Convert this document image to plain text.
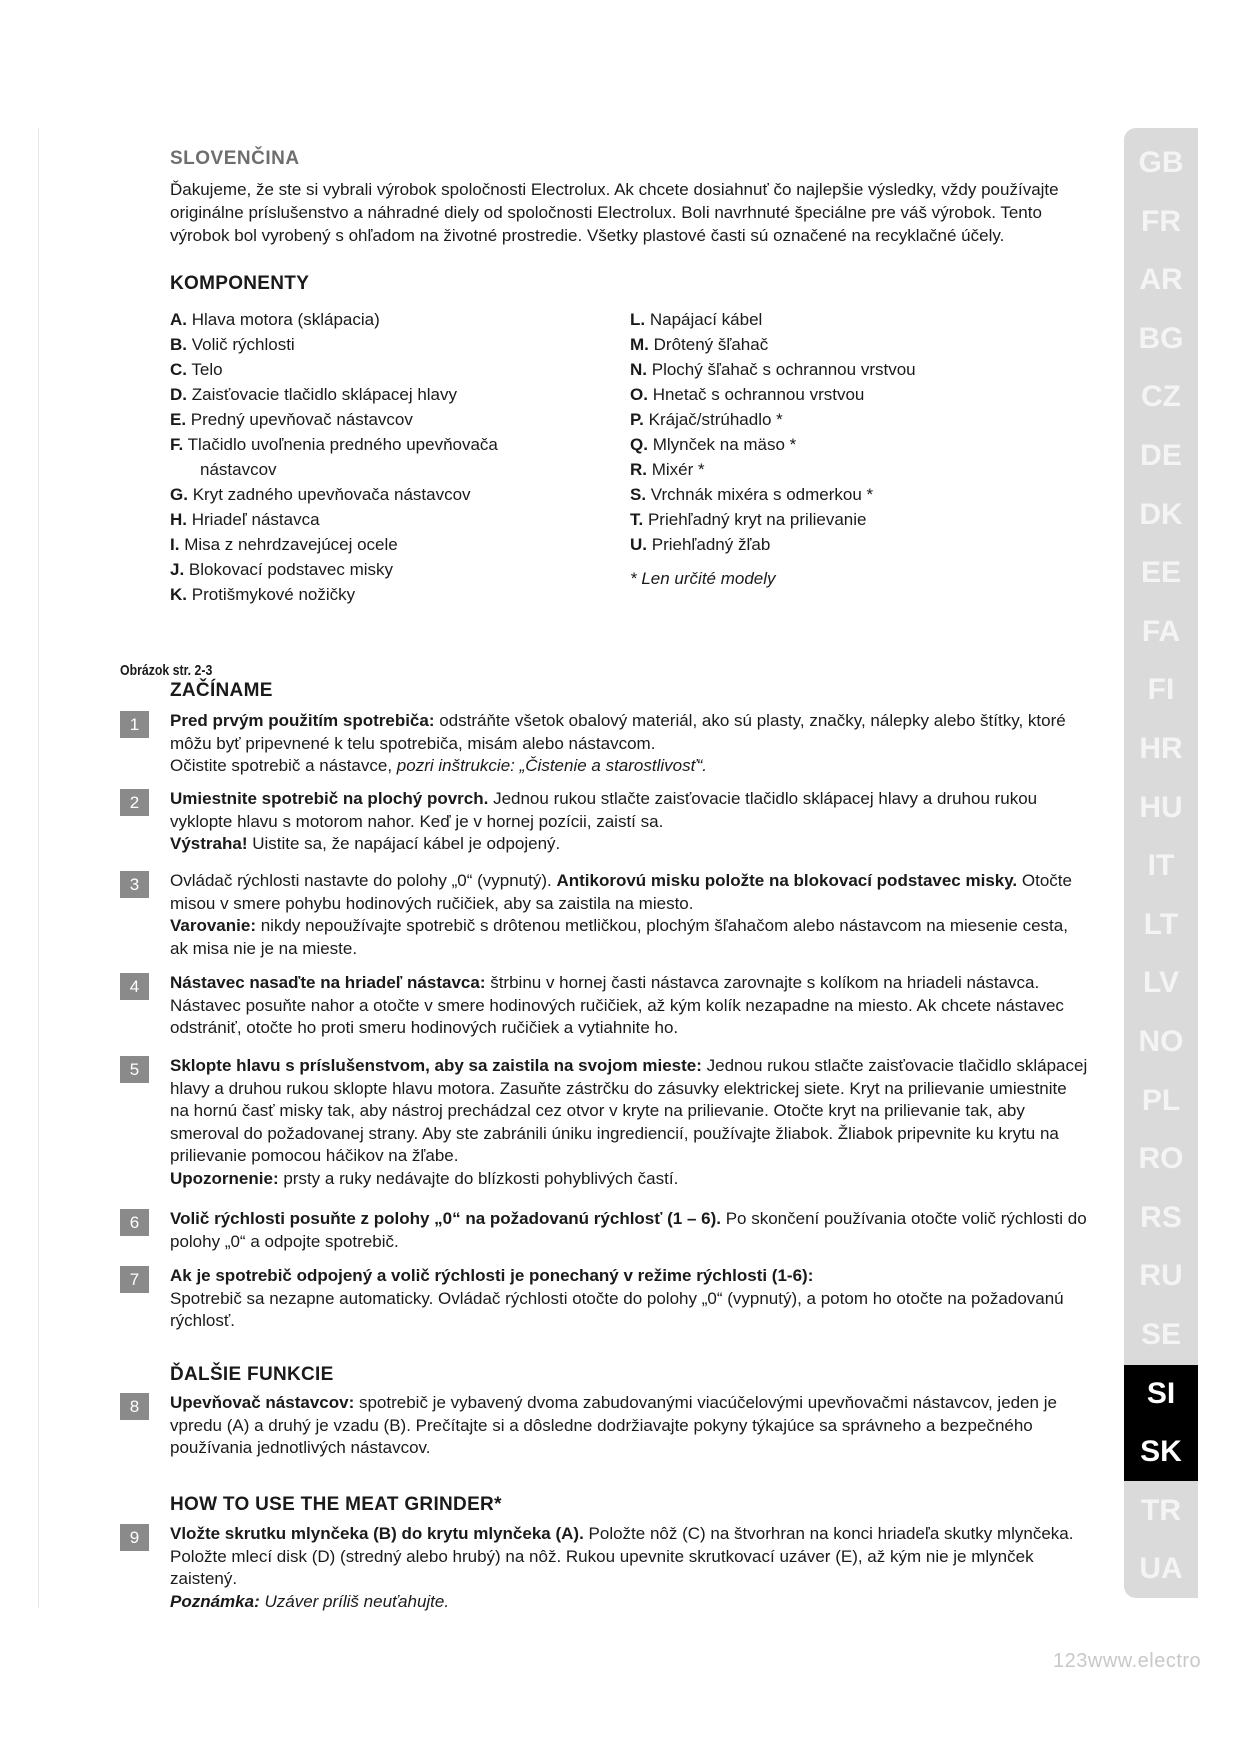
SLOVENČINA

Ďakujeme, že ste si vybrali výrobok spoločnosti Electrolux. Ak chcete dosiahnuť čo najlepšie výsledky, vždy používajte originálne príslušenstvo a náhradné diely od spoločnosti Electrolux. Boli navrhnuté špeciálne pre váš výrobok. Tento výrobok bol vyrobený s ohľadom na životné prostredie. Všetky plastové časti sú označené na recyklačné účely.

KOMPONENTY
A. Hlava motora (sklápacia)
B. Volič rýchlosti
C. Telo
D. Zaisťovacie tlačidlo sklápacej hlavy
E. Predný upevňovač nástavcov
F. Tlačidlo uvoľnenia predného upevňovača
nástavcov
G. Kryt zadného upevňovača nástavcov
H. Hriadeľ nástavca
I. Misa z nehrdzavejúcej ocele
J. Blokovací podstavec misky
K. Protišmykové nožičky
L. Napájací kábel
M. Drôtený šľahač
N. Plochý šľahač s ochrannou vrstvou
O. Hnetač s ochrannou vrstvou
P. Krájač/strúhadlo *
Q. Mlynček na mäso *
R. Mixér *
S. Vrchnák mixéra s odmerkou *
T. Priehľadný kryt na prilievanie
U. Priehľadný žľab
* Len určité modely
Obrázok str. 2-3
ZAČÍNAME
1	Pred prvým použitím spotrebiča: odstráňte všetok obalový materiál, ako sú plasty, značky, nálepky alebo štítky, ktoré môžu byť pripevnené k telu spotrebiča, misám alebo nástavcom.

Očistite spotrebič a nástavce, pozri inštrukcie: „Čistenie a starostlivosť“.

2	Umiestnite spotrebič na plochý povrch. Jednou rukou stlačte zaisťovacie tlačidlo sklápacej hlavy a druhou rukou vyklopte hlavu s motorom nahor. Keď je v hornej pozícii, zaistí sa.

Výstraha! Uistite sa, že napájací kábel je odpojený.

3	Ovládač rýchlosti nastavte do polohy „0“ (vypnutý). Antikorovú misku položte na blokovací podstavec misky. Otočte misou v smere pohybu hodinových ručičiek, aby sa zaistila na miesto.

Varovanie: nikdy nepoužívajte spotrebič s drôtenou metličkou, plochým šľahačom alebo nástavcom na miesenie cesta, ak misa nie je na mieste.

4	Nástavec nasaďte na hriadeľ nástavca: štrbinu v hornej časti nástavca zarovnajte s kolíkom na hriadeli nástavca. Nástavec posuňte nahor a otočte v smere hodinových ručičiek, až kým kolík nezapadne na miesto. Ak chcete nástavec odstrániť, otočte ho proti smeru hodinových ručičiek a vytiahnite ho.

5	Sklopte hlavu s príslušenstvom, aby sa zaistila na svojom mieste: Jednou rukou stlačte zaisťovacie tlačidlo sklápacej hlavy a druhou rukou sklopte hlavu motora. Zasuňte zástrčku do zásuvky elektrickej siete. Kryt na prilievanie umiestnite na hornú časť misky tak, aby nástroj prechádzal cez otvor v kryte na prilievanie. Otočte kryt na prilievanie tak, aby smeroval do požadovanej strany. Aby ste zabránili úniku ingrediencií, používajte žliabok. Žliabok pripevnite ku krytu na prilievanie pomocou háčikov na žľabe.

Upozornenie: prsty a ruky nedávajte do blízkosti pohyblivých častí.

6	Volič rýchlosti posuňte z polohy „0“ na požadovanú rýchlosť (1 – 6). Po skončení používania otočte volič rýchlosti do polohy „0“ a odpojte spotrebič.

7	Ak je spotrebič odpojený a volič rýchlosti je ponechaný v režime rýchlosti (1-6):

Spotrebič sa nezapne automaticky. Ovládač rýchlosti otočte do polohy „0“ (vypnutý), a potom ho otočte na požadovanú rýchlosť.

8	Upevňovač nástavcov: spotrebič je vybavený dvoma zabudovanými viacúčelovými upevňovačmi nástavcov, jeden je vpredu (A) a druhý je vzadu (B). Prečítajte si a dôsledne dodržiavajte pokyny týkajúce sa správneho a bezpečného používania jednotlivých nástavcov.

9	Vložte skrutku mlynčeka (B) do krytu mlynčeka (A). Položte nôž (C) na štvorhran na konci hriadeľa skutky mlynčeka. Položte mlecí disk (D) (stredný alebo hrubý) na nôž. Rukou upevnite skrutkovací uzáver (E), až kým nie je mlynček zaistený.

Poznámka: Uzáver príliš neuťahujte.

ĎALŠIE FUNKCIE
HOW TO USE THE MEAT GRINDER*
GB
FR
AR
BG
CZ
DE
DK
EE
FA
FI
HR
HU
IT
LT
LV
NO
PL
RO
RS
RU
SE
SI
SK
TR
UA
123www.electro
